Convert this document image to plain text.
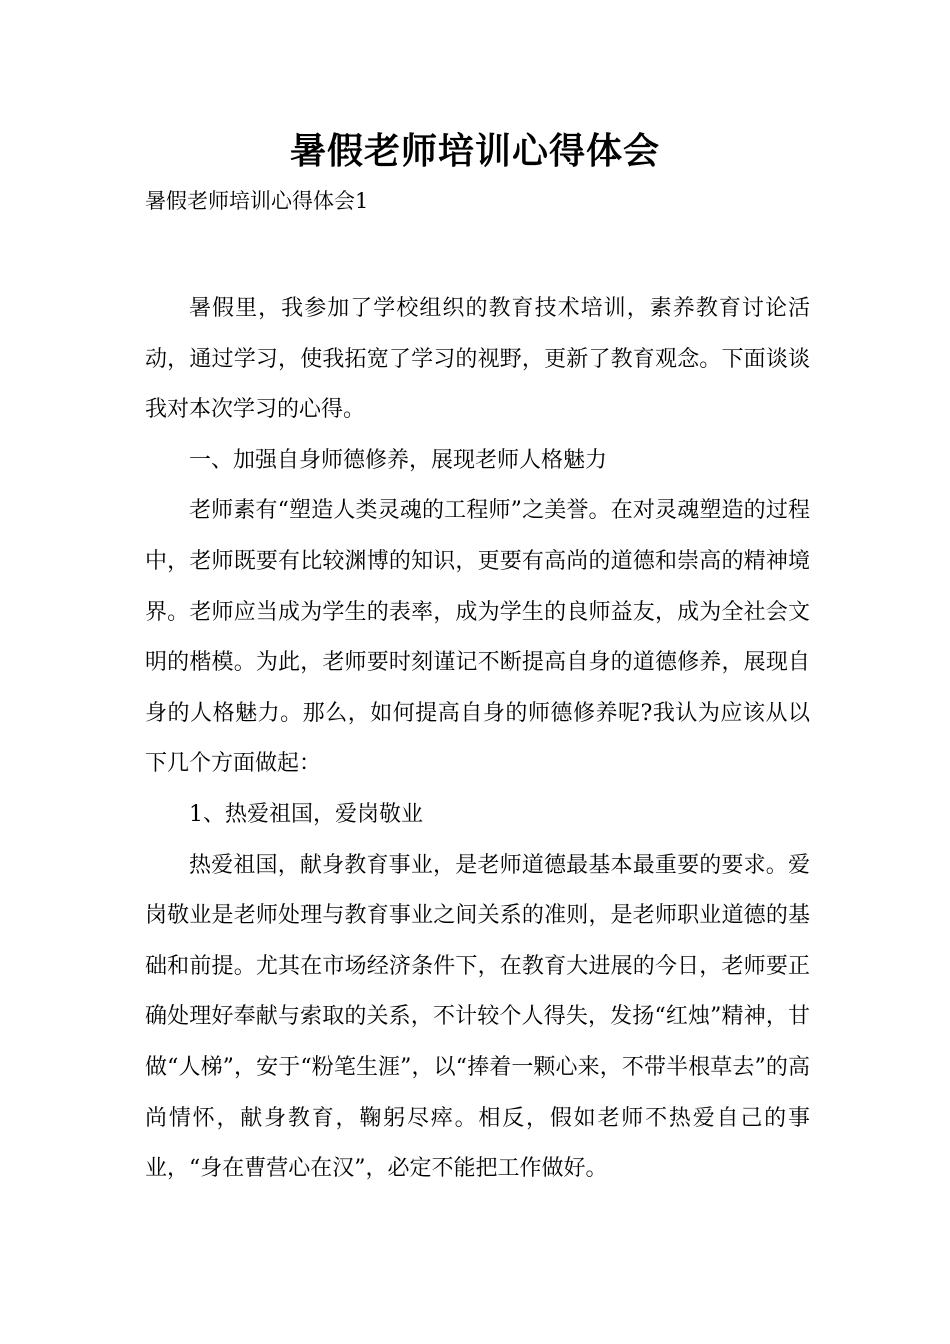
暑假老师培训心得体会
暑假老师培训心得体会1

暑假里，我参加了学校组织的教育技术培训，素养教育讨论活动，通过学习，使我拓宽了学习的视野，更新了教育观念。下面谈谈我对本次学习的心得。

一、加强自身师德修养，展现老师人格魅力

老师素有“塑造人类灵魂的工程师”之美誉。在对灵魂塑造的过程中，老师既要有比较渊博的知识，更要有高尚的道德和崇高的精神境界。老师应当成为学生的表率，成为学生的良师益友，成为全社会文明的楷模。为此，老师要时刻谨记不断提高自身的道德修养，展现自身的人格魅力。那么，如何提高自身的师德修养呢?我认为应该从以下几个方面做起：

1、热爱祖国，爱岗敬业

热爱祖国，献身教育事业，是老师道德最基本最重要的要求。爱岗敬业是老师处理与教育事业之间关系的准则，是老师职业道德的基础和前提。尤其在市场经济条件下，在教育大进展的今日，老师要正确处理好奉献与索取的关系，不计较个人得失，发扬“红烛”精神，甘做“人梯”，安于“粉笔生涯”，以“捧着一颗心来，不带半根草去”的高尚情怀，献身教育，鞠躬尽瘁。相反，假如老师不热爱自己的事业，“身在曹营心在汉”，必定不能把工作做好。
